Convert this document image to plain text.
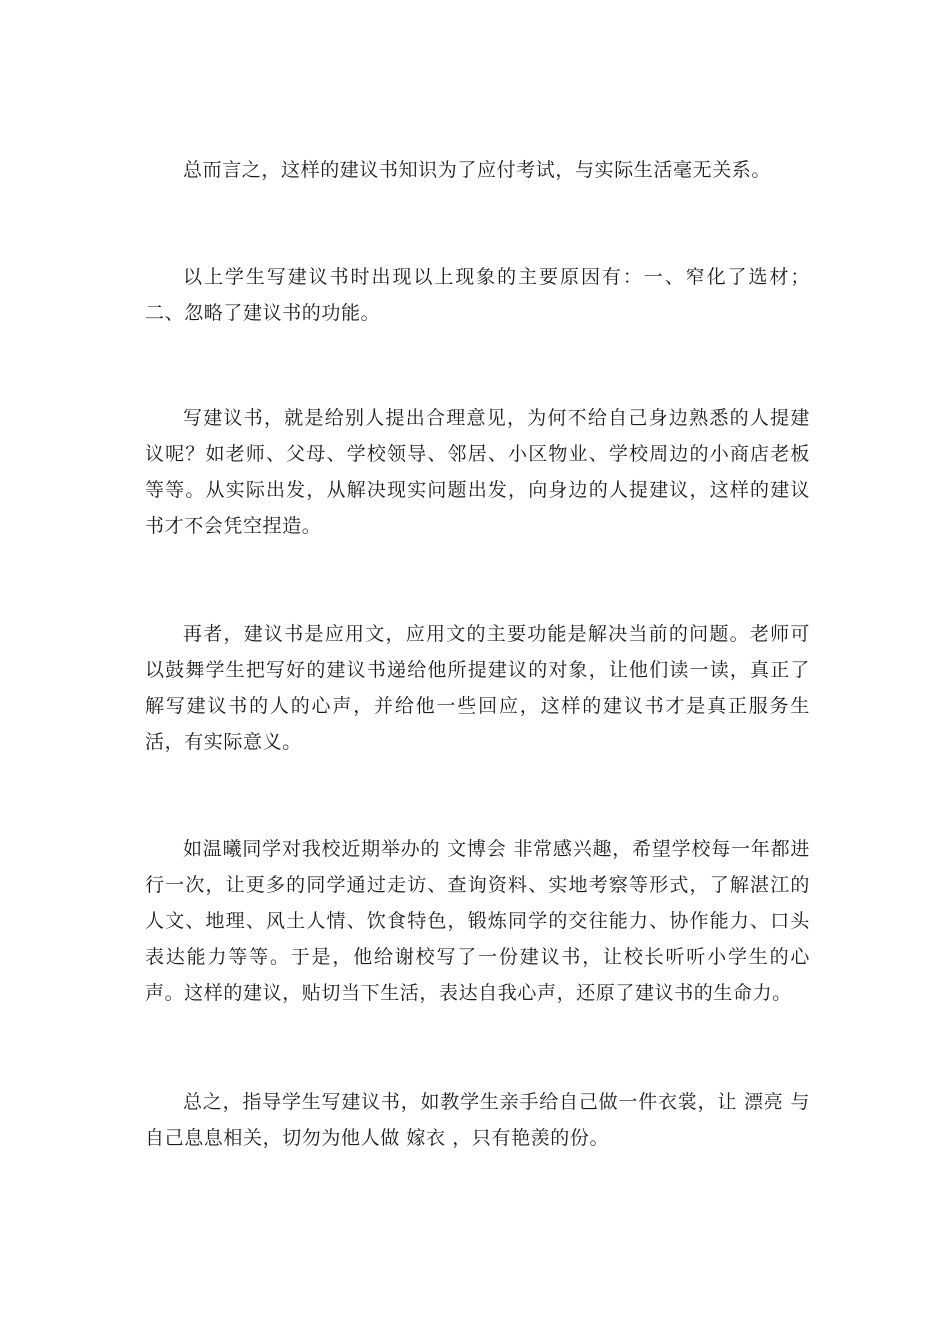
总而言之，这样的建议书知识为了应付考试，与实际生活毫无关系。

以上学生写建议书时出现以上现象的主要原因有：一、窄化了选材；二、忽略了建议书的功能。

写建议书，就是给别人提出合理意见，为何不给自己身边熟悉的人提建议呢？如老师、父母、学校领导、邻居、小区物业、学校周边的小商店老板等等。从实际出发，从解决现实问题出发，向身边的人提建议，这样的建议书才不会凭空捏造。

再者，建议书是应用文，应用文的主要功能是解决当前的问题。老师可以鼓舞学生把写好的建议书递给他所提建议的对象，让他们读一读，真正了解写建议书的人的心声，并给他一些回应，这样的建议书才是真正服务生活，有实际意义。

如温曦同学对我校近期举办的 文博会 非常感兴趣，希望学校每一年都进行一次，让更多的同学通过走访、查询资料、实地考察等形式，了解湛江的人文、地理、风土人情、饮食特色，锻炼同学的交往能力、协作能力、口头表达能力等等。于是，他给谢校写了一份建议书，让校长听听小学生的心声。这样的建议，贴切当下生活，表达自我心声，还原了建议书的生命力。

总之，指导学生写建议书，如教学生亲手给自己做一件衣裳，让 漂亮 与自己息息相关，切勿为他人做 嫁衣 ，只有艳羡的份。
